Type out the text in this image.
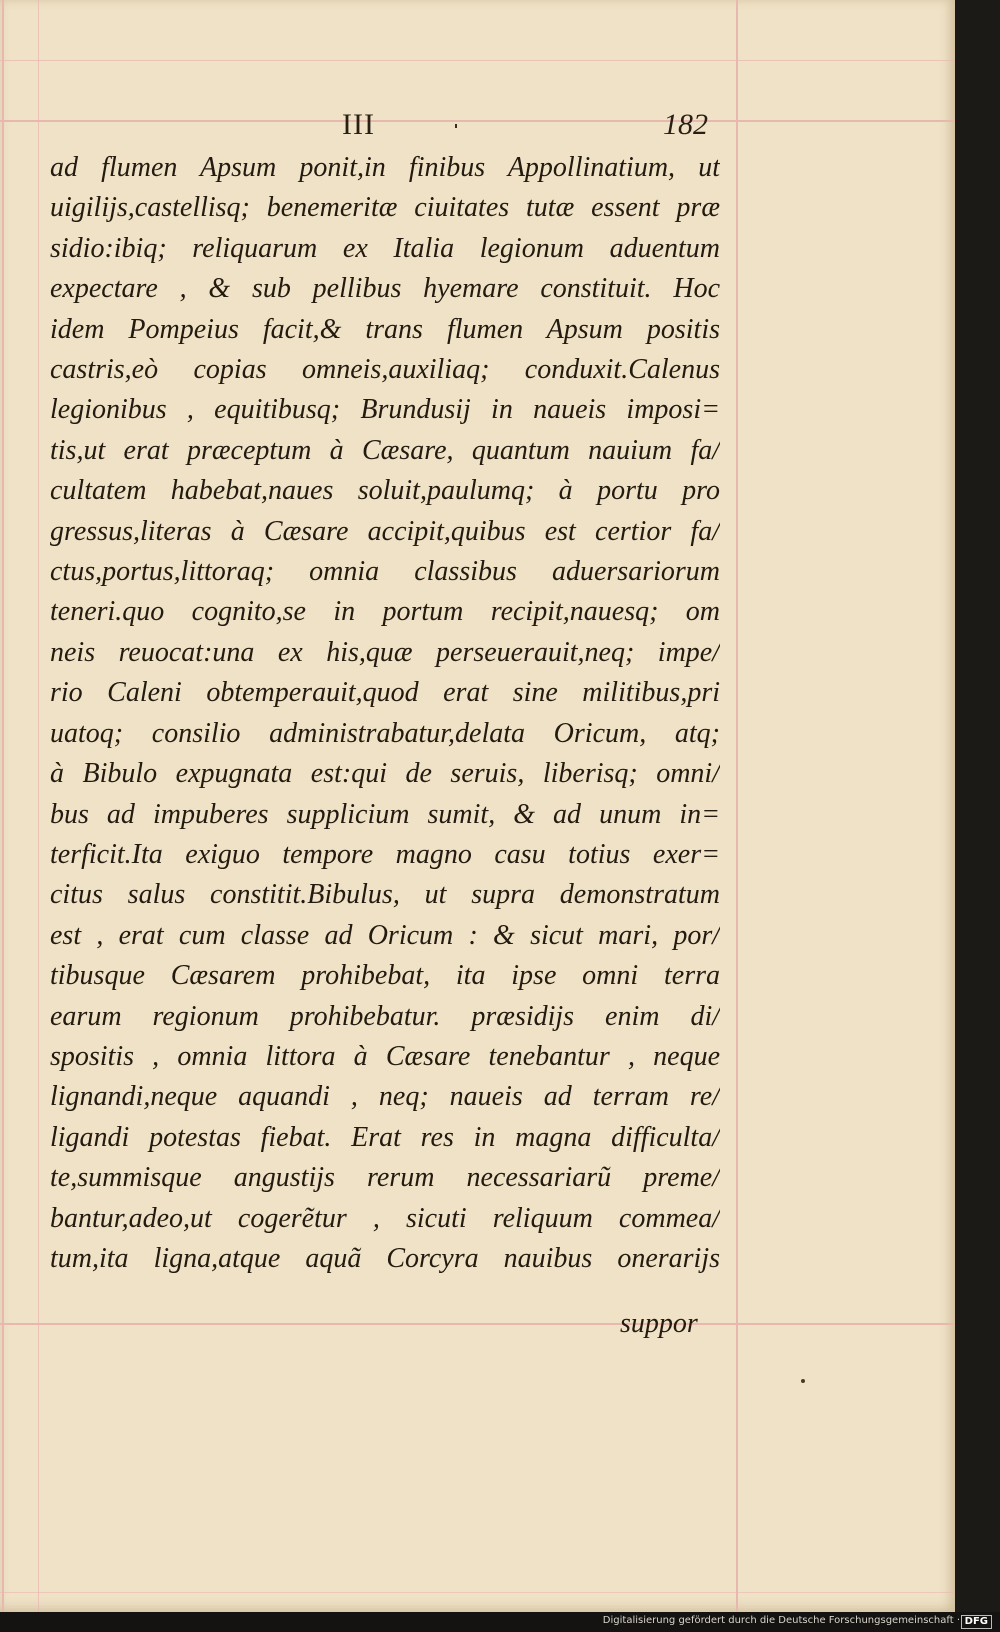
III	182
ad flumen Apsum ponit,in finibus Appollinatium, ut
uigilijs,castellisq; benemeritæ ciuitates tutæ essent præ
sidio:ibiq; reliquarum ex Italia legionum aduentum
expectare , & sub pellibus hyemare constituit. Hoc
idem Pompeius facit,& trans flumen Apsum positis
castris,eò copias omneis,auxiliaq; conduxit.Calenus
legionibus , equitibusq; Brundusij in naueis imposi=
tis,ut erat præceptum à Cæsare, quantum nauium fa/
cultatem habebat,naues soluit,paulumq; à portu pro
gressus,literas à Cæsare accipit,quibus est certior fa/
ctus,portus,littoraq; omnia classibus aduersariorum
teneri.quo cognito,se in portum recipit,nauesq; om
neis reuocat:una ex his,quæ perseuerauit,neq; impe/
rio Caleni obtemperauit,quod erat sine militibus,pri
uatoq; consilio administrabatur,delata Oricum, atq;
à Bibulo expugnata est:qui de seruis, liberisq; omni/
bus ad impuberes supplicium sumit, & ad unum in=
terficit.Ita exiguo tempore magno casu totius exer=
citus salus constitit.Bibulus, ut supra demonstratum
est , erat cum classe ad Oricum : & sicut mari, por/
tibusque Cæsarem prohibebat, ita ipse omni terra
earum regionum prohibebatur. præsidijs enim di/
spositis , omnia littora à Cæsare tenebantur , neque
lignandi,neque aquandi , neq; naueis ad terram re/
ligandi potestas fiebat. Erat res in magna difficulta/
te,summisque angustijs rerum necessariarũ preme/
bantur,adeo,ut cogerẽtur , sicuti reliquum commea/
tum,ita ligna,atque aquã Corcyra nauibus onerarijs
suppor
Digitalisierung gefördert durch die Deutsche Forschungsgemeinschaft · DFG
